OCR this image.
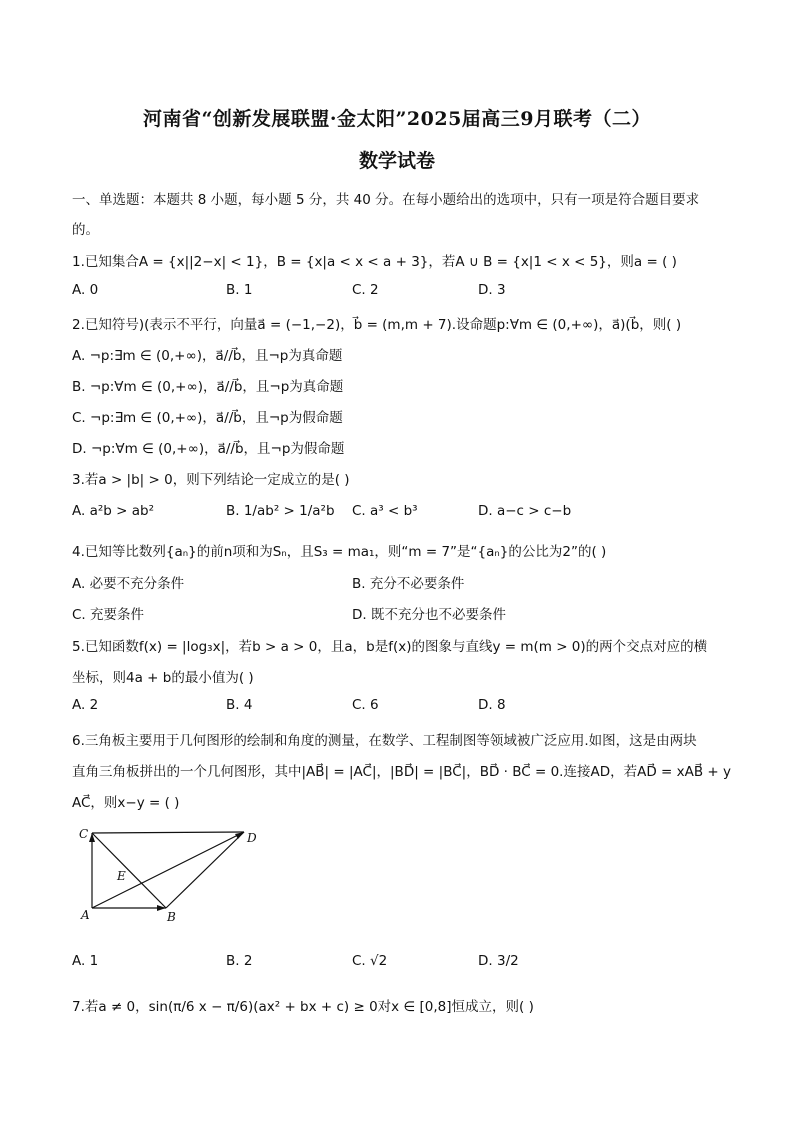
河南省“创新发展联盟·金太阳”2025届高三9月联考（二）
数学试卷
一、单选题：本题共 8 小题，每小题 5 分，共 40 分。在每小题给出的选项中，只有一项是符合题目要求
的。
1.已知集合A = {x||2−x| < 1}，B = {x|a < x < a + 3}，若A ∪ B = {x|1 < x < 5}，则a = ( )
A. 0	B. 1	C. 2	D. 3
2.已知符号)(表示不平行，向量a⃗ = (−1,−2)，b⃗ = (m,m + 7).设命题p:∀m ∈ (0,+∞)，a⃗)(b⃗，则( )
A. ¬p:∃m ∈ (0,+∞)，a⃗//b⃗，且¬p为真命题
B. ¬p:∀m ∈ (0,+∞)，a⃗//b⃗，且¬p为真命题
C. ¬p:∃m ∈ (0,+∞)，a⃗//b⃗，且¬p为假命题
D. ¬p:∀m ∈ (0,+∞)，a⃗//b⃗，且¬p为假命题
3.若a > |b| > 0，则下列结论一定成立的是( )
A. a²b > ab²	B. 1/ab² > 1/a²b C. a³ < b³	D. a−c > c−b
4.已知等比数列{aₙ}的前n项和为Sₙ，且S₃ = ma₁，则“m = 7”是“{aₙ}的公比为2”的( )
A. 必要不充分条件	B. 充分不必要条件
C. 充要条件	D. 既不充分也不必要条件
5.已知函数f(x) = |log₃x|，若b > a > 0，且a，b是f(x)的图象与直线y = m(m > 0)的两个交点对应的横
坐标，则4a + b的最小值为( )
A. 2	B. 4	C. 6	D. 8
6.三角板主要用于几何图形的绘制和角度的测量，在数学、工程制图等领域被广泛应用.如图，这是由两块
直角三角板拼出的一个几何图形，其中|AB⃗| = |AC⃗|，|BD⃗| = |BC⃗|，BD⃗ · BC⃗ = 0.连接AD，若AD⃗ = xAB⃗ + y
AC⃗，则x−y = ( )
C	D
E
A	B
A. 1	B. 2	C. √2	D. 3/2
7.若a ≠ 0，sin(π/6 x − π/6)(ax² + bx + c) ≥ 0对x ∈ [0,8]恒成立，则( )
